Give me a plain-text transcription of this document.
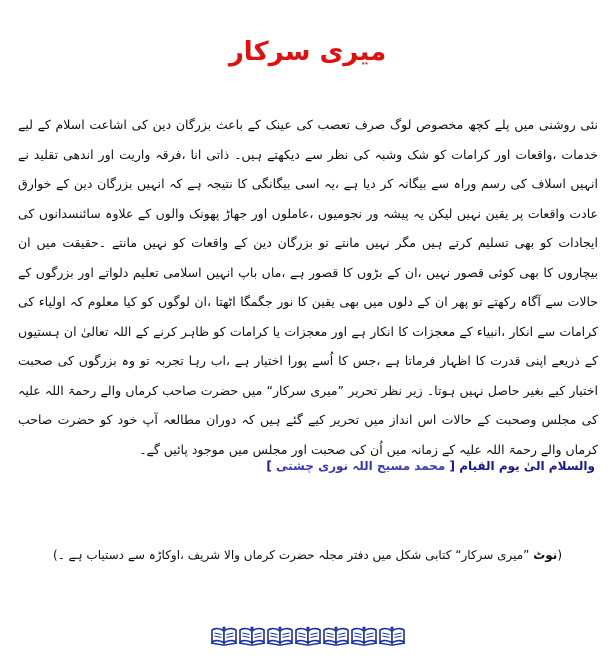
میری سرکار

نئی روشنی میں پلے کچھ مخصوص لوگ صرف تعصب کی عینک کے باعث بزرگان دین کی اشاعت اسلام کے لیے خدمات ،واقعات اور کرامات کو شک وشبہ کی نظر سے دیکھتے ہیں۔ ذاتی انا ،فرقہ واریت اور اندھی تقلید نے انہیں اسلاف کی رسم وراہ سے بیگانہ کر دیا ہے ،یہ اسی بیگانگی کا نتیجہ ہے کہ انہیں بزرگان دین کے خوارق عادت واقعات پر یقین نہیں لیکن یہ پیشہ ور نجومیوں ،عاملوں اور جھاڑ پھونک والوں کے علاوہ سائنسدانوں کی ایجادات کو بھی تسلیم کرتے ہیں مگر نہیں مانتے تو بزرگان دین کے واقعات کو نہیں مانتے ۔حقیقت میں ان بیچاروں کا بھی کوئی قصور نہیں ،ان کے بڑوں کا قصور ہے ،ماں باپ انہیں اسلامی تعلیم دلواتے اور بزرگوں کے حالات سے آگاہ رکھتے تو پھر ان کے دلوں میں بھی یقین کا نور جگمگا اٹھتا ،ان لوگوں کو کیا معلوم کہ اولیاء کی کرامات سے انکار ،انبیاء کے معجزات کا انکار ہے اور معجزات یا کرامات کو ظاہر کرنے کے اللہ تعالیٰ ان ہستیوں کے ذریعے اپنی قدرت کا اظہار فرماتا ہے ،جس کا اُسے پورا اختیار ہے ،اب رہا تجربہ تو وہ بزرگوں کی صحبت اختیار کیے بغیر حاصل نہیں ہوتا۔ زیر نظر تحریر ”میری سرکار“ میں حضرت صاحب کرماں والے رحمۃ اللہ علیہ کی مجلس وصحبت کے حالات اس انداز میں تحریر کیے گئے ہیں کہ دوران مطالعہ آپ خود کو حضرت صاحب کرماں والے رحمۃ اللہ علیہ کے زمانہ میں اُن کی صحبت اور مجلس میں موجود پائیں گے۔

والسلام الیٰ یوم القیام [ محمد مسیح اللہ نوری چشتی ]
(نوٹ ”میری سرکار“ کتابی شکل میں دفتر مجلہ حضرت کرماں والا شریف ،اوکاڑہ سے دستیاب ہے ۔)
